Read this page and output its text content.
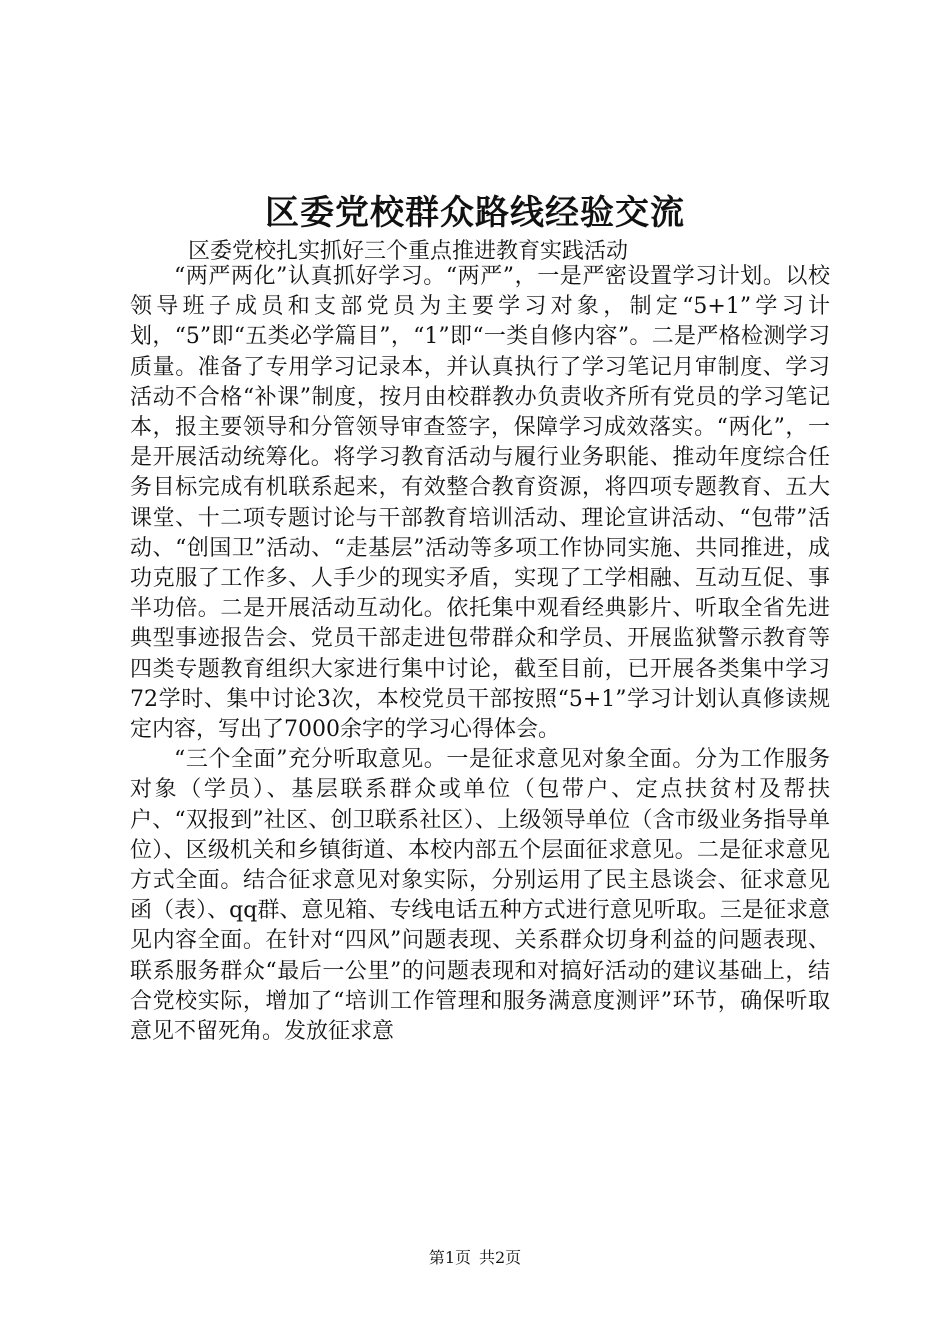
区委党校群众路线经验交流

区委党校扎实抓好三个重点推进教育实践活动

“两严两化”认真抓好学习。“两严”，一是严密设置学习计划。以校领导班子成员和支部党员为主要学习对象，制定“5+1”学习计划，“5”即“五类必学篇目”，“1”即“一类自修内容”。二是严格检测学习质量。准备了专用学习记录本，并认真执行了学习笔记月审制度、学习活动不合格“补课”制度，按月由校群教办负责收齐所有党员的学习笔记本，报主要领导和分管领导审查签字，保障学习成效落实。“两化”，一是开展活动统筹化。将学习教育活动与履行业务职能、推动年度综合任务目标完成有机联系起来，有效整合教育资源，将四项专题教育、五大课堂、十二项专题讨论与干部教育培训活动、理论宣讲活动、“包带”活动、“创国卫”活动、“走基层”活动等多项工作协同实施、共同推进，成功克服了工作多、人手少的现实矛盾，实现了工学相融、互动互促、事半功倍。二是开展活动互动化。依托集中观看经典影片、听取全省先进典型事迹报告会、党员干部走进包带群众和学员、开展监狱警示教育等四类专题教育组织大家进行集中讨论，截至目前，已开展各类集中学习72学时、集中讨论3次，本校党员干部按照“5+1”学习计划认真修读规定内容，写出了7000余字的学习心得体会。

“三个全面”充分听取意见。一是征求意见对象全面。分为工作服务对象（学员）、基层联系群众或单位（包带户、定点扶贫村及帮扶户、“双报到”社区、创卫联系社区）、上级领导单位（含市级业务指导单位）、区级机关和乡镇街道、本校内部五个层面征求意见。二是征求意见方式全面。结合征求意见对象实际，分别运用了民主恳谈会、征求意见函（表）、qq群、意见箱、专线电话五种方式进行意见听取。三是征求意见内容全面。在针对“四风”问题表现、关系群众切身利益的问题表现、联系服务群众“最后一公里”的问题表现和对搞好活动的建议基础上，结合党校实际，增加了“培训工作管理和服务满意度测评”环节，确保听取意见不留死角。发放征求意

第1页 共2页
